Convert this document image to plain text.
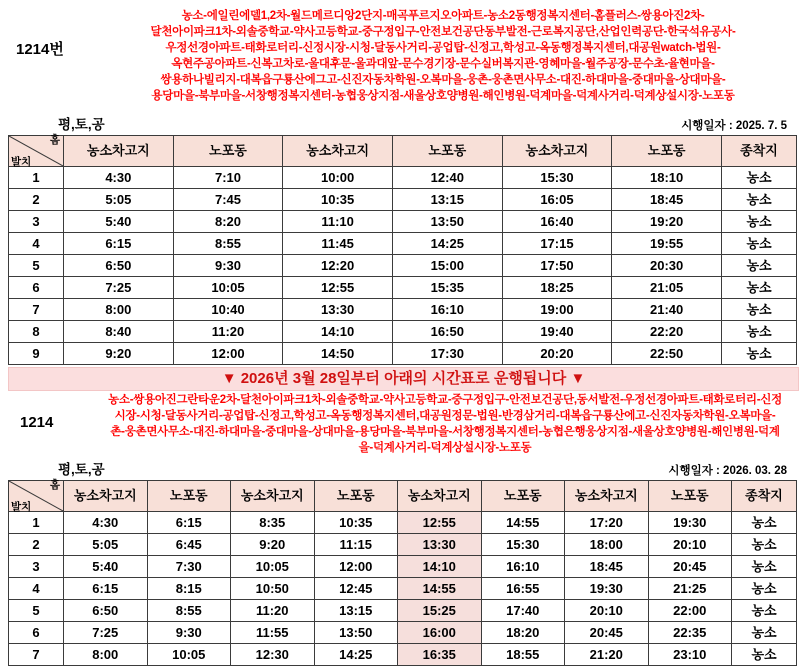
1214번
농소-에일린에델1,2차-월드메르디앙2단지-매곡푸르지오아파트-농소2동행정복지센터-홈플러스-쌍용아진2차-
달천아이파크1차-외솔중학교-약사고등학교-중구정입구-안전보건공단동부발전-근로복지공단,산업인력공단-한국석유공사-
우정선경아파트-태화로터리-신정시장-시청-달동사거리-공업탑-신정고,학성고-옥동행정복지센터,대공원watch-법원-
옥현주공아파트-신복고차로-울대후문-울과대앞-문수경기장-문수실버복지관-영혜마을-월주공장-문수초-율현마을-
쌍용하나빌리지-대복읍구룡산에그고-신진자동차학원-오복마을-웅촌-웅촌면사무소-대진-하대마을-중대마을-상대마을-
용당마을-북부마을-서창행정복지센터-농협웅상지점-새울상호양병원-해인병원-덕계마을-덕계사거리-덕계상설시장-노포동
평,토,공	시행일자 : 2025. 7. 5
홈
발치	농소차고지	노포동	농소차고지	노포동	농소차고지	노포동	종착지
1	4:30	7:10	10:00	12:40	15:30	18:10	농소
2	5:05	7:45	10:35	13:15	16:05	18:45	농소
3	5:40	8:20	11:10	13:50	16:40	19:20	농소
4	6:15	8:55	11:45	14:25	17:15	19:55	농소
5	6:50	9:30	12:20	15:00	17:50	20:30	농소
6	7:25	10:05	12:55	15:35	18:25	21:05	농소
7	8:00	10:40	13:30	16:10	19:00	21:40	농소
8	8:40	11:20	14:10	16:50	19:40	22:20	농소
9	9:20	12:00	14:50	17:30	20:20	22:50	농소
▼ 2026년 3월 28일부터 아래의 시간표로 운행됩니다 ▼
1214
농소-쌍용아진그란타운2차-달천아이파크1차-외솔중학교-약사고등학교-중구정입구-안전보건공단,동서발전-우정선경아파트-태화로터리-신정
시장-시청-달동사거리-공업탑-신정고,학성고-옥동행정복지센터,대공원정문-법원-반경삼거리-대복읍구룡산에고-신진자동차학원-오복마을-
촌-웅촌면사무소-대진-하대마을-중대마을-상대마을-용당마을-북부마을-서창행정복지센터-농협은행웅상지점-새울상호양병원-해인병원-덕계
을-덕계사거리-덕계상설시장-노포동
평,토,공	시행일자 : 2026. 03. 28
홈
발치	농소차고지	노포동	농소차고지	노포동	농소차고지	노포동	농소차고지	노포동	종착지
1	4:30	6:15	8:35	10:35	12:55	14:55	17:20	19:30	농소
2	5:05	6:45	9:20	11:15	13:30	15:30	18:00	20:10	농소
3	5:40	7:30	10:05	12:00	14:10	16:10	18:45	20:45	농소
4	6:15	8:15	10:50	12:45	14:55	16:55	19:30	21:25	농소
5	6:50	8:55	11:20	13:15	15:25	17:40	20:10	22:00	농소
6	7:25	9:30	11:55	13:50	16:00	18:20	20:45	22:35	농소
7	8:00	10:05	12:30	14:25	16:35	18:55	21:20	23:10	농소
